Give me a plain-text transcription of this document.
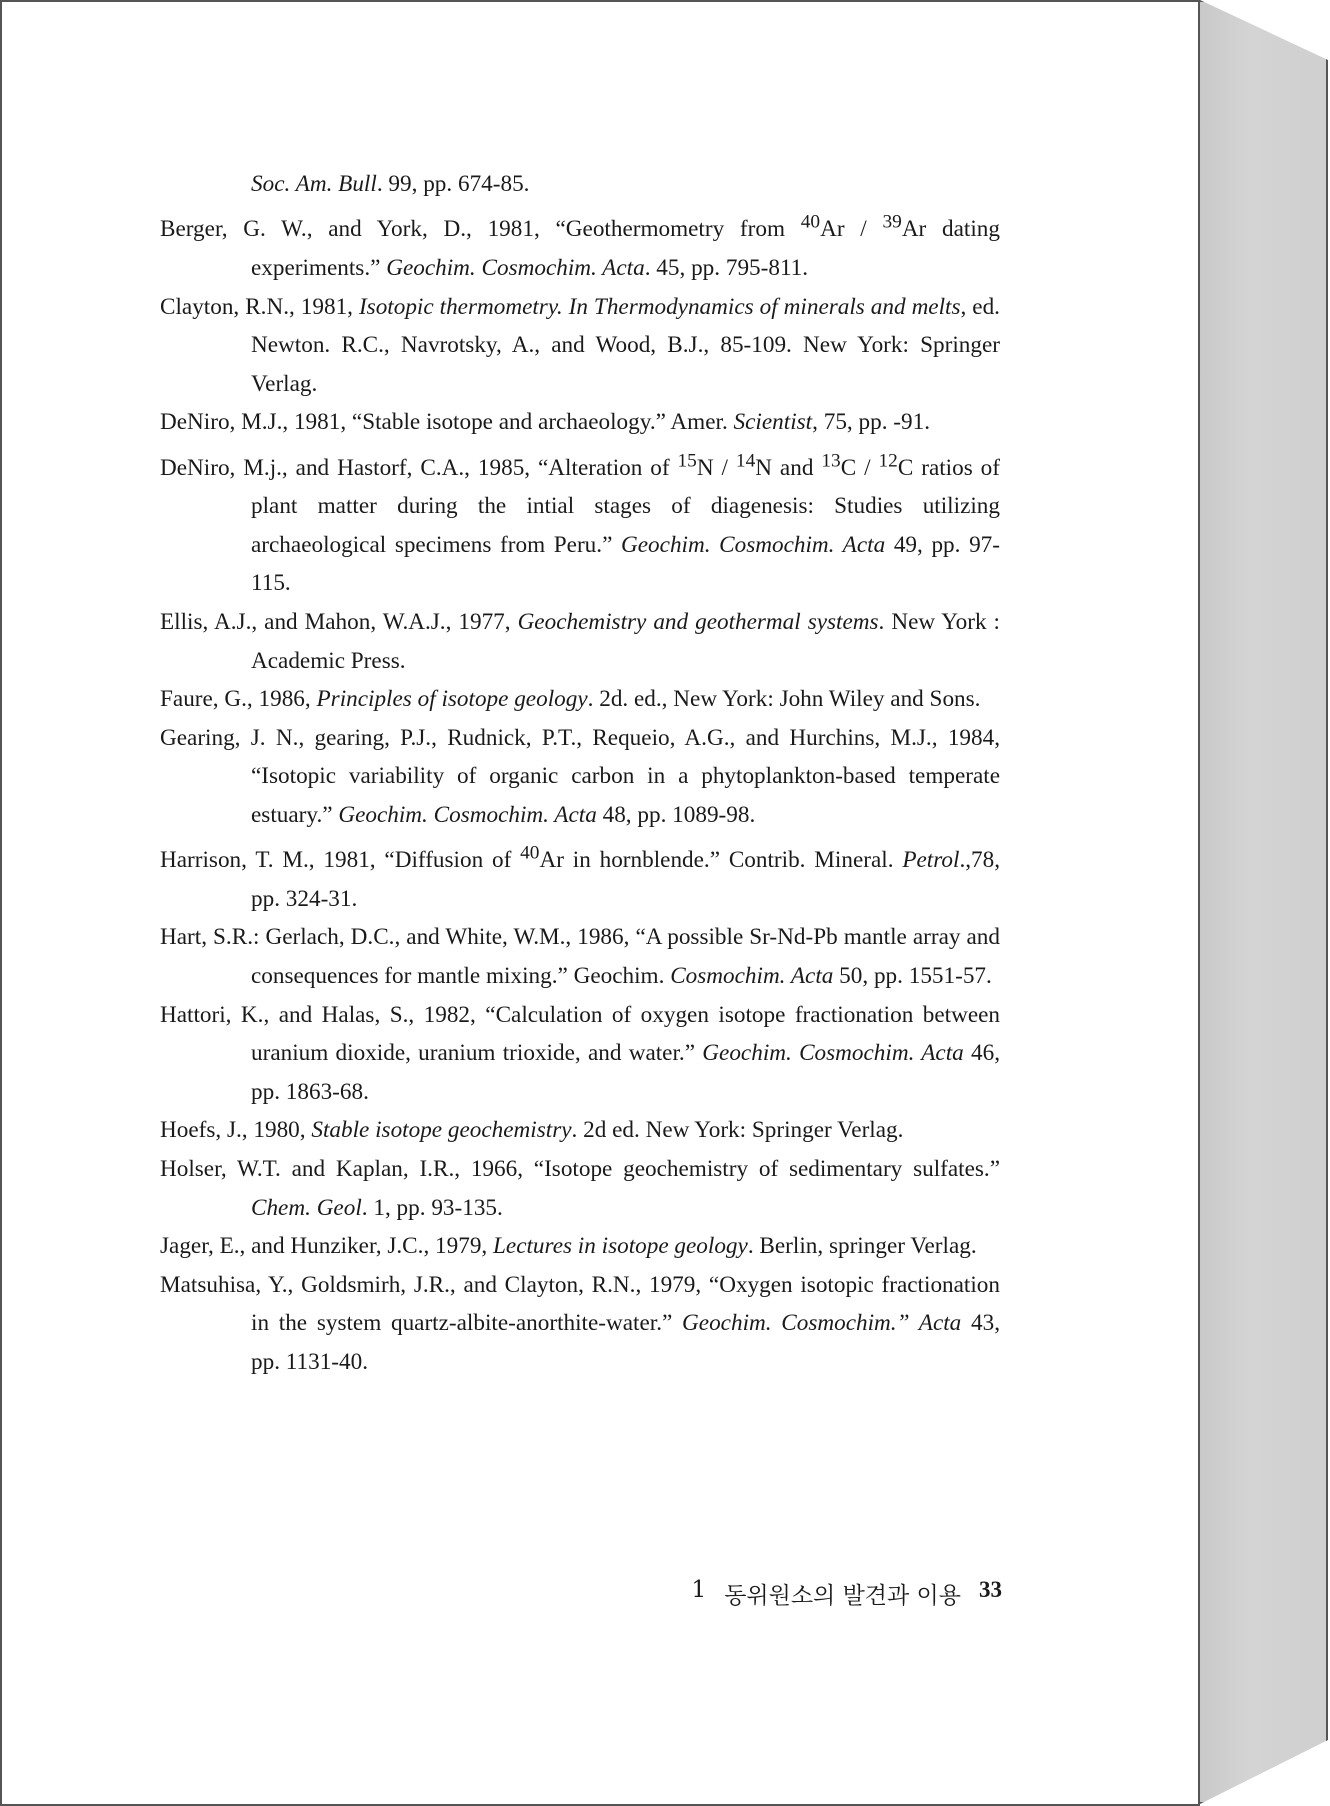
Soc. Am. Bull. 99, pp. 674-85.
Berger, G. W., and York, D., 1981, “Geothermometry from $^{40}$Ar / $^{39}$Ar dating experiments.” Geochim. Cosmochim. Acta. 45, pp. 795-811.
Clayton, R.N., 1981, Isotopic thermometry. In Thermodynamics of minerals and melts, ed. Newton. R.C., Navrotsky, A., and Wood, B.J., 85-109. New York: Springer Verlag.
DeNiro, M.J., 1981, “Stable isotope and archaeology.” Amer. Scientist, 75, pp. -91.
DeNiro, M.j., and Hastorf, C.A., 1985, “Alteration of $^{15}$N / $^{14}$N and $^{13}$C / $^{12}$C ratios of plant matter during the intial stages of diagenesis: Studies utilizing archaeological specimens from Peru.” Geochim. Cosmochim. Acta 49, pp. 97-115.
Ellis, A.J., and Mahon, W.A.J., 1977, Geochemistry and geothermal systems. New York : Academic Press.
Faure, G., 1986, Principles of isotope geology. 2d. ed., New York: John Wiley and Sons.
Gearing, J. N., gearing, P.J., Rudnick, P.T., Requeio, A.G., and Hurchins, M.J., 1984, “Isotopic variability of organic carbon in a phytoplankton-based temperate estuary.” Geochim. Cosmochim. Acta 48, pp. 1089-98.
Harrison, T. M., 1981, “Diffusion of $^{40}$Ar in hornblende.” Contrib. Mineral. Petrol.,78, pp. 324-31.
Hart, S.R.: Gerlach, D.C., and White, W.M., 1986, “A possible Sr-Nd-Pb mantle array and consequences for mantle mixing.” Geochim. Cosmochim. Acta 50, pp. 1551-57.
Hattori, K., and Halas, S., 1982, “Calculation of oxygen isotope fractionation between uranium dioxide, uranium trioxide, and water.” Geochim. Cosmochim. Acta 46, pp. 1863-68.
Hoefs, J., 1980, Stable isotope geochemistry. 2d ed. New York: Springer Verlag.
Holser, W.T. and Kaplan, I.R., 1966, “Isotope geochemistry of sedimentary sulfates.” Chem. Geol. 1, pp. 93-135.
Jager, E., and Hunziker, J.C., 1979, Lectures in isotope geology. Berlin, springer Verlag.
Matsuhisa, Y., Goldsmirh, J.R., and Clayton, R.N., 1979, “Oxygen isotopic fractionation in the system quartz-albite-anorthite-water.” Geochim. Cosmochim.” Acta 43, pp. 1131-40.
1 동위원소의 발견과 이용 33
